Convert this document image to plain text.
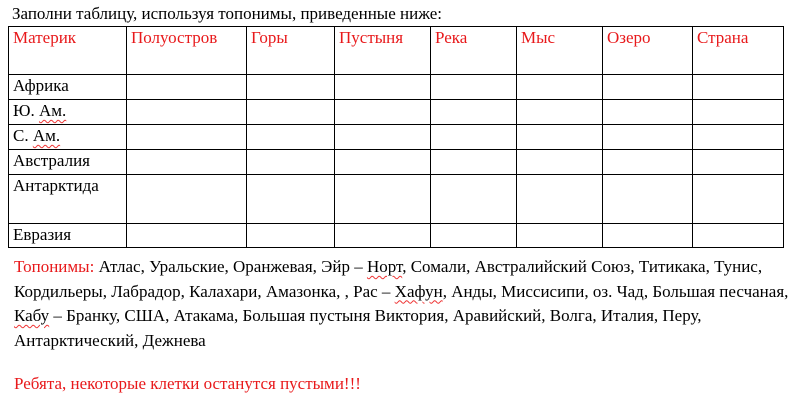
Заполни таблицу, используя топонимы, приведенные ниже:
Материк	Полуостров	Горы	Пустыня	Река	Мыс	Озеро	Страна
Африка							
Ю. Ам.							
С. Ам.							
Австралия							
Антарктида							
Евразия							
Топонимы: Атлас, Уральские, Оранжевая, Эйр – Норт, Сомали, Австралийский Союз, Титикака, Тунис, Кордильеры, Лабрадор, Калахари, Амазонка, , Рас – Хафун, Анды, Миссисипи, оз. Чад, Большая песчаная, Кабу – Бранку, США, Атакама, Большая пустыня Виктория, Аравийский, Волга, Италия, Перу, Антарктический, Дежнева
Ребята, некоторые клетки останутся пустыми!!!
